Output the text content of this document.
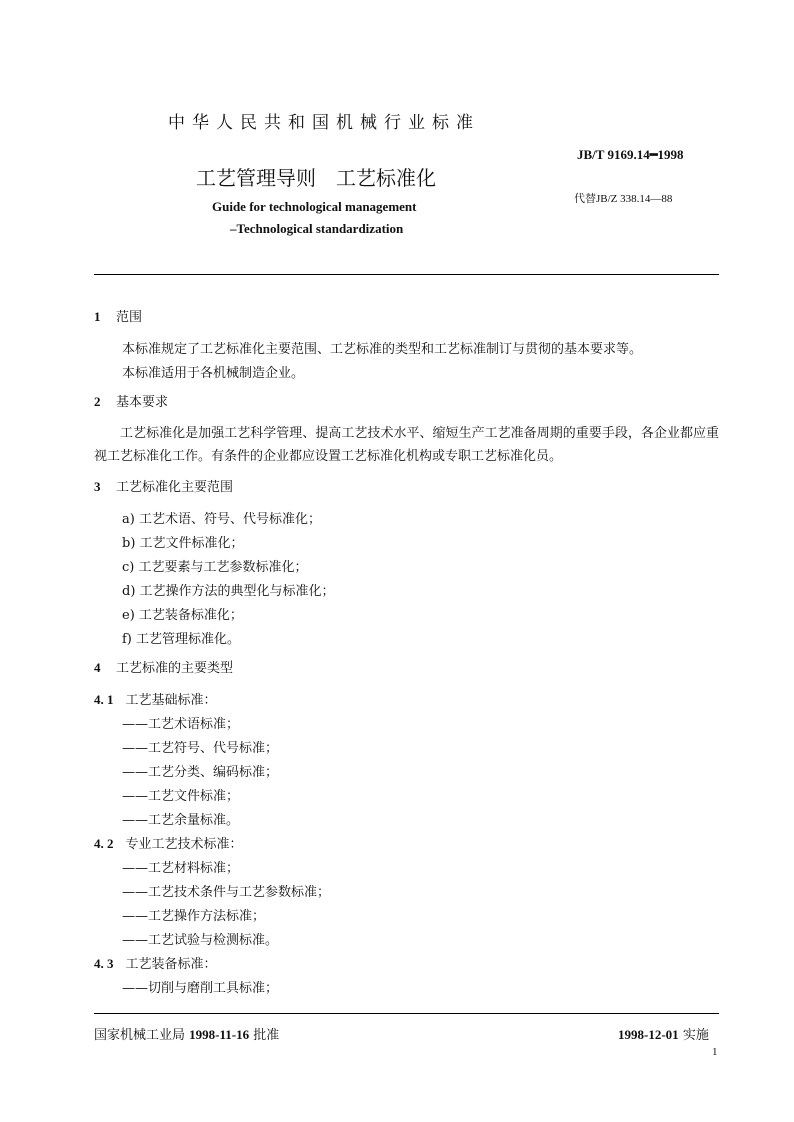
中华人民共和国机械行业标准
JB/T 9169.14━1998
工艺管理导则　工艺标准化
代替JB/Z 338.14—88
Guide for technological management
–Technological standardization
1 范围
本标准规定了工艺标准化主要范围、工艺标准的类型和工艺标准制订与贯彻的基本要求等。
本标准适用于各机械制造企业。
2 基本要求
工艺标准化是加强工艺科学管理、提高工艺技术水平、缩短生产工艺准备周期的重要手段，各企业都应重视工艺标准化工作。有条件的企业都应设置工艺标准化机构或专职工艺标准化员。
3 工艺标准化主要范围
a) 工艺术语、符号、代号标准化；
b) 工艺文件标准化；
c) 工艺要素与工艺参数标准化；
d) 工艺操作方法的典型化与标准化；
e) 工艺装备标准化；
f) 工艺管理标准化。
4 工艺标准的主要类型
4. 1 工艺基础标准：
——工艺术语标准；
——工艺符号、代号标准；
——工艺分类、编码标准；
——工艺文件标准；
——工艺余量标准。
4. 2 专业工艺技术标准：
——工艺材料标准；
——工艺技术条件与工艺参数标准；
——工艺操作方法标准；
——工艺试验与检测标准。
4. 3 工艺装备标准：
——切削与磨削工具标准；
国家机械工业局 1998-11-16 批准	1998-12-01 实施
1
